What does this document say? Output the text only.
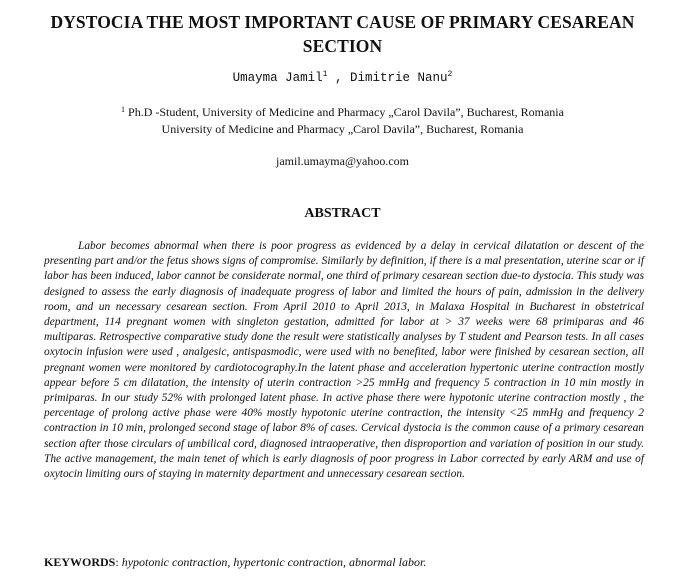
DYSTOCIA THE MOST IMPORTANT CAUSE OF PRIMARY CESAREAN SECTION
Umayma Jamil$^1$ , Dimitrie Nanu$^2$
$^1$ Ph.D -Student, University of Medicine and Pharmacy „Carol Davila”, Bucharest, Romania
University of Medicine and Pharmacy „Carol Davila”, Bucharest, Romania
jamil.umayma@yahoo.com
ABSTRACT

Labor becomes abnormal when there is poor progress as evidenced by a delay in cervical dilatation or descent of the presenting part and/or the fetus shows signs of compromise. Similarly by definition, if there is a mal presentation, uterine scar or if labor has been induced, labor cannot be considerate normal, one third of primary cesarean section due-to dystocia. This study was designed to assess the early diagnosis of inadequate progress of labor and limited the hours of pain, admission in the delivery room, and un necessary cesarean section. From April 2010 to April 2013, in Malaxa Hospital in Bucharest in obstetrical department, 114 pregnant women with singleton gestation, admitted for labor at > 37 weeks were 68 primiparas and 46 multiparas. Retrospective comparative study done the result were statistically analyses by T student and Pearson tests. In all cases oxytocin infusion were used , analgesic, antispasmodic, were used with no benefited, labor were finished by cesarean section, all pregnant women were monitored by cardiotocography.In the latent phase and acceleration hypertonic uterine contraction mostly appear before 5 cm dilatation, the intensity of uterin contraction >25 mmHg and frequency 5 contraction in 10 min mostly in primiparas. In our study 52% with prolonged latent phase. In active phase there were hypotonic uterine contraction mostly , the percentage of prolong active phase were 40% mostly hypotonic uterine contraction, the intensity <25 mmHg and frequency 2 contraction in 10 min, prolonged second stage of labor 8% of cases. Cervical dystocia is the common cause of a primary cesarean section after those circulars of umbilical cord, diagnosed intraoperative, then disproportion and variation of position in our study. The active management, the main tenet of which is early diagnosis of poor progress in Labor corrected by early ARM and use of oxytocin limiting ours of staying in maternity department and unnecessary cesarean section.

KEYWORDS: hypotonic contraction, hypertonic contraction, abnormal labor.
